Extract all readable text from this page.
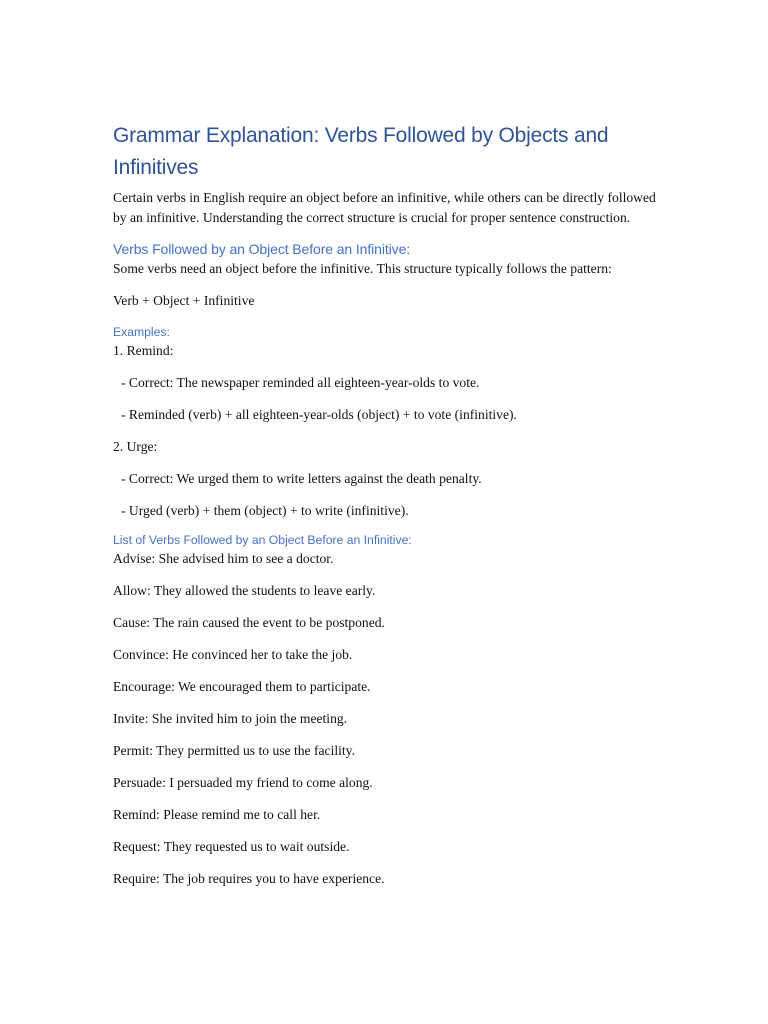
Grammar Explanation: Verbs Followed by Objects and Infinitives

Certain verbs in English require an object before an infinitive, while others can be directly followed by an infinitive. Understanding the correct structure is crucial for proper sentence construction.

Verbs Followed by an Object Before an Infinitive:

Some verbs need an object before the infinitive. This structure typically follows the pattern:

Verb + Object + Infinitive

Examples:

1. Remind:

- Correct: The newspaper reminded all eighteen-year-olds to vote.

- Reminded (verb) + all eighteen-year-olds (object) + to vote (infinitive).

2. Urge:

- Correct: We urged them to write letters against the death penalty.

- Urged (verb) + them (object) + to write (infinitive).

List of Verbs Followed by an Object Before an Infinitive:

Advise: She advised him to see a doctor.

Allow: They allowed the students to leave early.

Cause: The rain caused the event to be postponed.

Convince: He convinced her to take the job.

Encourage: We encouraged them to participate.

Invite: She invited him to join the meeting.

Permit: They permitted us to use the facility.

Persuade: I persuaded my friend to come along.

Remind: Please remind me to call her.

Request: They requested us to wait outside.

Require: The job requires you to have experience.
